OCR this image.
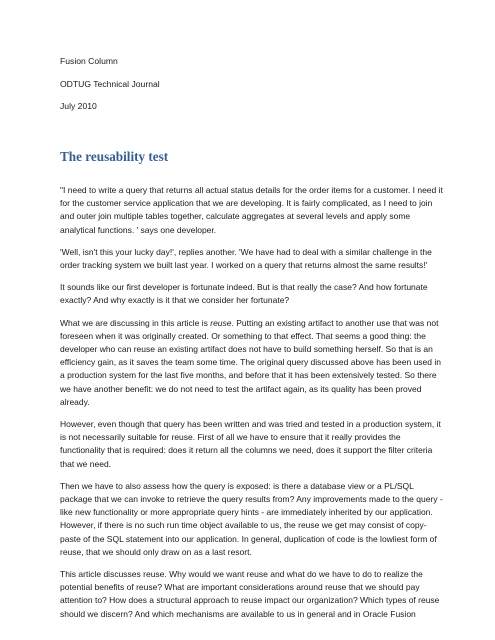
Fusion Column
ODTUG Technical Journal
July 2010
The reusability test

"I need to write a query that returns all actual status details for the order items for a customer. I need it for the customer service application that we are developing. It is fairly complicated, as I need to join and outer join multiple tables together, calculate aggregates at several levels and apply some analytical functions. ' says one developer.

'Well, isn't this your lucky day!', replies another. 'We have had to deal with a similar challenge in the order tracking system we built last year. I worked on a query that returns almost the same results!'

It sounds like our first developer is fortunate indeed. But is that really the case? And how fortunate exactly? And why exactly is it that we consider her fortunate?

What we are discussing in this article is reuse. Putting an existing artifact to another use that was not foreseen when it was originally created. Or something to that effect. That seems a good thing: the developer who can reuse an existing artifact does not have to build something herself. So that is an efficiency gain, as it saves the team some time. The original query discussed above has been used in a production system for the last five months, and before that it has been extensively tested. So there we have another benefit: we do not need to test the artifact again, as its quality has been proved already.

However, even though that query has been written and was tried and tested in a production system, it is not necessarily suitable for reuse. First of all we have to ensure that it really provides the functionality that is required: does it return all the columns we need, does it support the filter criteria that we need.

Then we have to also assess how the query is exposed: is there a database view or a PL/SQL package that we can invoke to retrieve the query results from? Any improvements made to the query - like new functionality or more appropriate query hints - are immediately inherited by our application. However, if there is no such run time object available to us, the reuse we get may consist of copy-paste of the SQL statement into our application. In general, duplication of code is the lowliest form of reuse, that we should only draw on as a last resort.

This article discusses reuse. Why would we want reuse and what do we have to do to realize the potential benefits of reuse? What are important considerations around reuse that we should pay attention to? How does a structural approach to reuse impact our organization? Which types of reuse should we discern? And which mechanisms are available to us in general and in Oracle Fusion
